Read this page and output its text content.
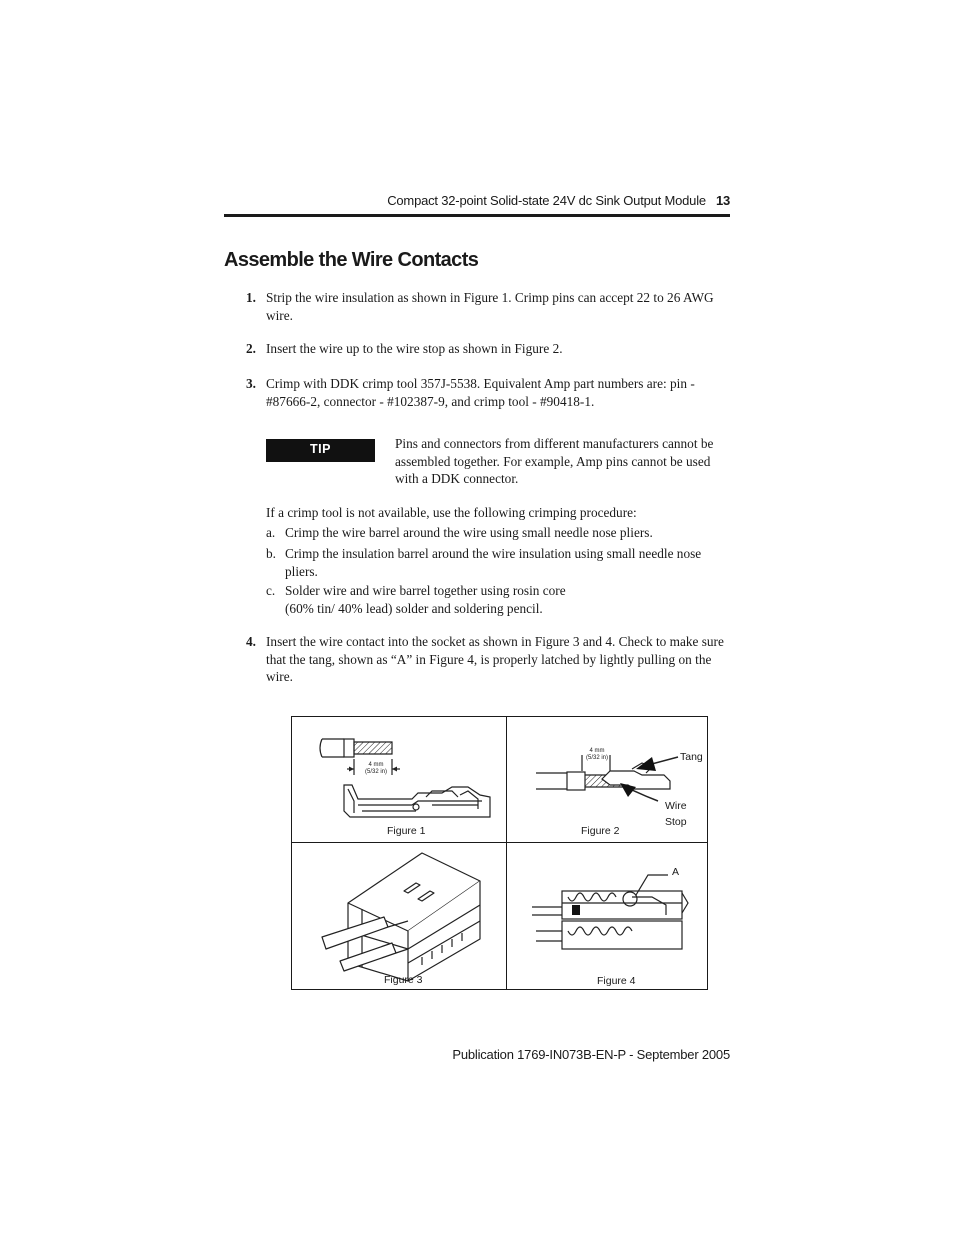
Compact 32-point Solid-state 24V dc Sink Output Module 13
Assemble the Wire Contacts
1. Strip the wire insulation as shown in Figure 1. Crimp pins can accept 22 to 26 AWG wire.
2. Insert the wire up to the wire stop as shown in Figure 2.
3. Crimp with DDK crimp tool 357J-5538. Equivalent Amp part numbers are: pin - #87666-2, connector - #102387-9, and crimp tool - #90418-1.
TIP	Pins and connectors from different manufacturers cannot be assembled together. For example, Amp pins cannot be used with a DDK connector.
If a crimp tool is not available, use the following crimping procedure:
a. Crimp the wire barrel around the wire using small needle nose pliers.
b. Crimp the insulation barrel around the wire insulation using small needle nose pliers.
c. Solder wire and wire barrel together using rosin core
(60% tin/ 40% lead) solder and soldering pencil.
4. Insert the wire contact into the socket as shown in Figure 3 and 4. Check to make sure that the tang, shown as “A” in Figure 4, is properly latched by lightly pulling on the wire.
Figure 1
4 mm
(5/32 in)
Figure 2
4 mm
(5/32 in)	Tang
Wire
Stop
Figure 3	Figure 4
A
Publication 1769-IN073B-EN-P - September 2005
